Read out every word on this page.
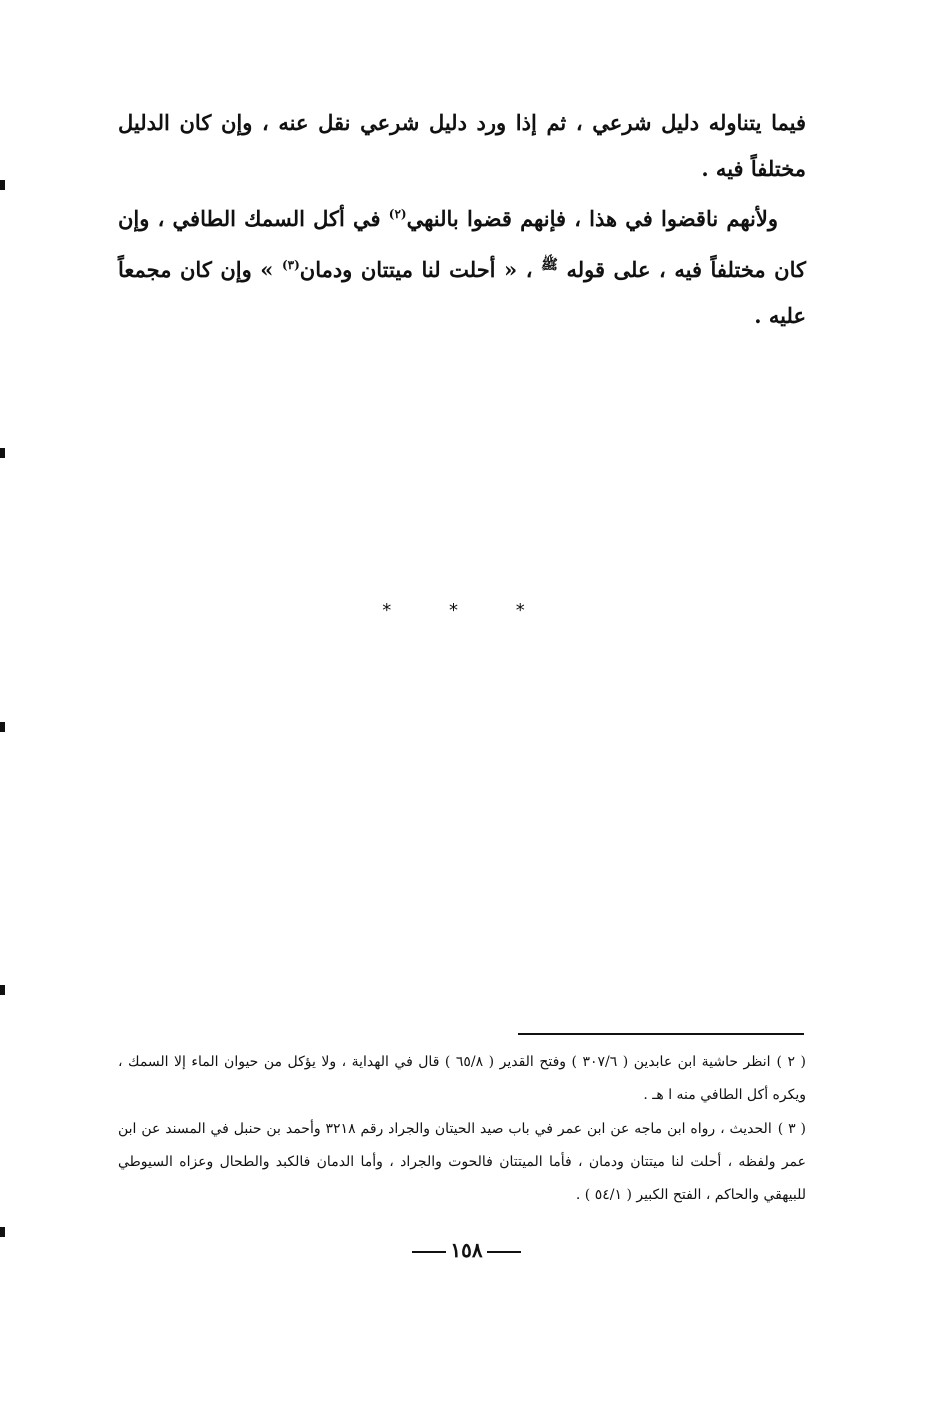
فيما يتناوله دليل شرعي ، ثم إذا ورد دليل شرعي نقل عنه ، وإن كان الدليل مختلفاً فيه .

ولأنهم ناقضوا في هذا ، فإنهم قضوا بالنهي$^{(٢)}$ في أكل السمك الطافي ، وإن كان مختلفاً فيه ، على قوله $^ﷺ$ ، « أحلت لنا ميتتان ودمان$^{(٣)}$ » وإن كان مجمعاً عليه .

* * *

( ٢ )انظر حاشية ابن عابدين ( ٣٠٧/٦ ) وفتح القدير ( ٦٥/٨ ) قال في الهداية ، ولا يؤكل من حيوان الماء إلا السمك ، ويكره أكل الطافي منه ا هـ .

( ٣ )الحديث ، رواه ابن ماجه عن ابن عمر في باب صيد الحيتان والجراد رقم ٣٢١٨ وأحمد بن حنبل في المسند عن ابن عمر ولفظه ، أحلت لنا ميتتان ودمان ، فأما الميتتان فالحوت والجراد ، وأما الدمان فالكبد والطحال وعزاه السيوطي للبيهقي والحاكم ، الفتح الكبير ( ٥٤/١ ) .

١٥٨
